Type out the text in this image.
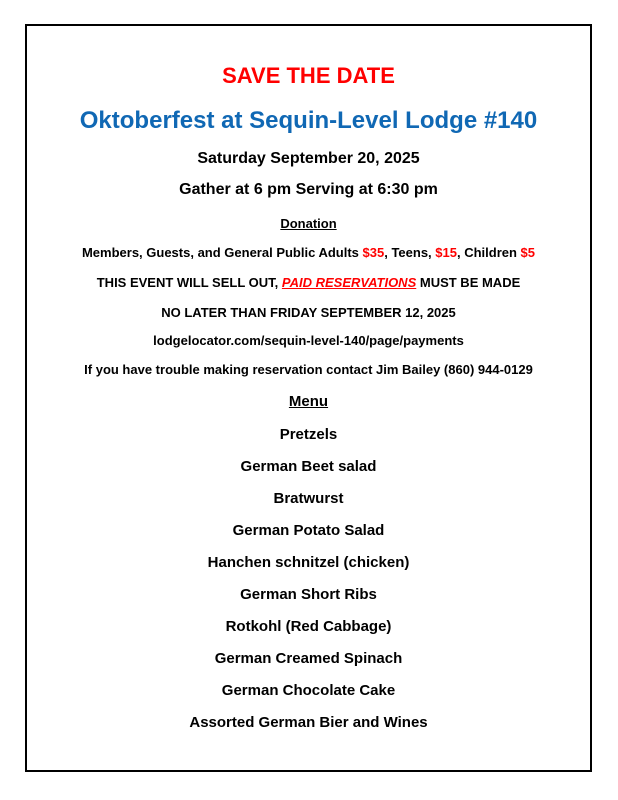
SAVE THE DATE
Oktoberfest at Sequin-Level Lodge #140
Saturday September 20, 2025
Gather at 6 pm Serving at 6:30 pm
Donation
Members, Guests, and General Public Adults $35, Teens, $15, Children $5
THIS EVENT WILL SELL OUT, PAID RESERVATIONS MUST BE MADE
NO LATER THAN FRIDAY SEPTEMBER 12, 2025
lodgelocator.com/sequin-level-140/page/payments
If you have trouble making reservation contact Jim Bailey (860) 944-0129
Menu
Pretzels
German Beet salad
Bratwurst
German Potato Salad
Hanchen schnitzel (chicken)
German Short Ribs
Rotkohl (Red Cabbage)
German Creamed Spinach
German Chocolate Cake
Assorted German Bier and Wines
